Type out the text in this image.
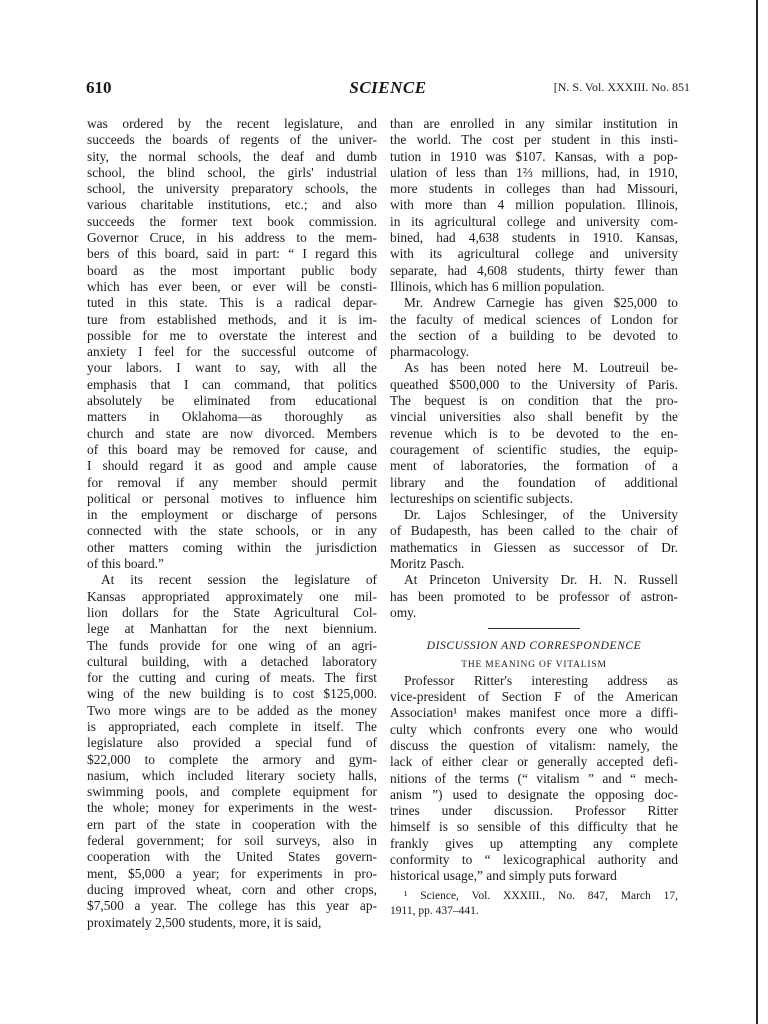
610	SCIENCE	[N. S. Vol. XXXIII. No. 851
was ordered by the recent legislature, and
succeeds the boards of regents of the univer-
sity, the normal schools, the deaf and dumb
school, the blind school, the girls' industrial
school, the university preparatory schools, the
various charitable institutions, etc.; and also
succeeds the former text book commission.
Governor Cruce, in his address to the mem-
bers of this board, said in part: “ I regard this
board as the most important public body
which has ever been, or ever will be consti-
tuted in this state. This is a radical depar-
ture from established methods, and it is im-
possible for me to overstate the interest and
anxiety I feel for the successful outcome of
your labors. I want to say, with all the
emphasis that I can command, that politics
absolutely be eliminated from educational
matters in Oklahoma—as thoroughly as
church and state are now divorced. Members
of this board may be removed for cause, and
I should regard it as good and ample cause
for removal if any member should permit
political or personal motives to influence him
in the employment or discharge of persons
connected with the state schools, or in any
other matters coming within the jurisdiction
of this board.”
At its recent session the legislature of
Kansas appropriated approximately one mil-
lion dollars for the State Agricultural Col-
lege at Manhattan for the next biennium.
The funds provide for one wing of an agri-
cultural building, with a detached laboratory
for the cutting and curing of meats. The first
wing of the new building is to cost $125,000.
Two more wings are to be added as the money
is appropriated, each complete in itself. The
legislature also provided a special fund of
$22,000 to complete the armory and gym-
nasium, which included literary society halls,
swimming pools, and complete equipment for
the whole; money for experiments in the west-
ern part of the state in cooperation with the
federal government; for soil surveys, also in
cooperation with the United States govern-
ment, $5,000 a year; for experiments in pro-
ducing improved wheat, corn and other crops,
$7,500 a year. The college has this year ap-
proximately 2,500 students, more, it is said,
than are enrolled in any similar institution in
the world. The cost per student in this insti-
tution in 1910 was $107. Kansas, with a pop-
ulation of less than 1⅔ millions, had, in 1910,
more students in colleges than had Missouri,
with more than 4 million population. Illinois,
in its agricultural college and university com-
bined, had 4,638 students in 1910. Kansas,
with its agricultural college and university
separate, had 4,608 students, thirty fewer than
Illinois, which has 6 million population.
Mr. Andrew Carnegie has given $25,000 to
the faculty of medical sciences of London for
the section of a building to be devoted to
pharmacology.
As has been noted here M. Loutreuil be-
queathed $500,000 to the University of Paris.
The bequest is on condition that the pro-
vincial universities also shall benefit by the
revenue which is to be devoted to the en-
couragement of scientific studies, the equip-
ment of laboratories, the formation of a
library and the foundation of additional
lectureships on scientific subjects.
Dr. Lajos Schlesinger, of the University
of Budapesth, has been called to the chair of
mathematics in Giessen as successor of Dr.
Moritz Pasch.
At Princeton University Dr. H. N. Russell
has been promoted to be professor of astron-
omy.
DISCUSSION AND CORRESPONDENCE
THE MEANING OF VITALISM
Professor Ritter's interesting address as
vice-president of Section F of the American
Association¹ makes manifest once more a diffi-
culty which confronts every one who would
discuss the question of vitalism: namely, the
lack of either clear or generally accepted defi-
nitions of the terms (“ vitalism ” and “ mech-
anism ”) used to designate the opposing doc-
trines under discussion. Professor Ritter
himself is so sensible of this difficulty that he
frankly gives up attempting any complete
conformity to “ lexicographical authority and
historical usage,” and simply puts forward
¹ Science, Vol. XXXIII., No. 847, March 17,
1911, pp. 437–441.
